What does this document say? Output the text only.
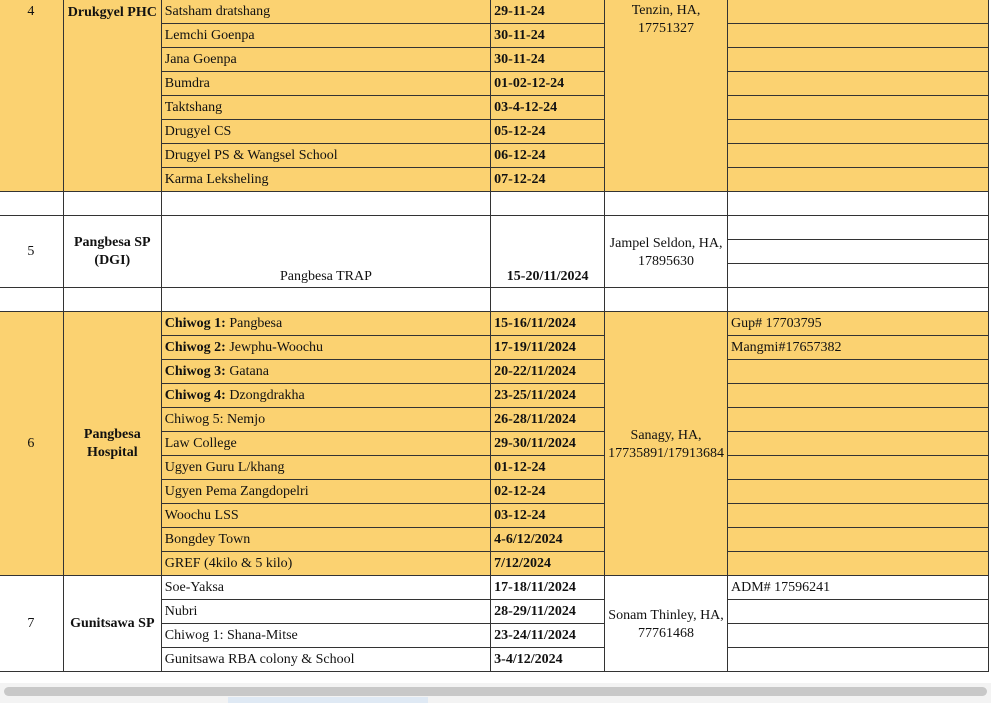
4	Drukgyel PHC	Satsham dratshang	29-11-24	Tenzin, HA, 17751327	
		Lemchi Goenpa	30-11-24		
		Jana Goenpa	30-11-24		
		Bumdra	01-02-12-24		
		Taktshang	03-4-12-24		
		Drugyel CS	05-12-24		
		Drugyel PS & Wangsel School	06-12-24		
		Karma Leksheling	07-12-24		

5	Pangbesa SP (DGI)	Pangbesa TRAP	15-20/11/2024	Jampel Seldon, HA, 17895630	

6	Pangbesa Hospital	Chiwog 1: Pangbesa	15-16/11/2024	Sanagy, HA, 17735891/17913684	Gup# 17703795
		Chiwog 2: Jewphu-Woochu	17-19/11/2024		Mangmi#17657382
		Chiwog 3: Gatana	20-22/11/2024		
		Chiwog 4: Dzongdrakha	23-25/11/2024		
		Chiwog 5: Nemjo	26-28/11/2024		
		Law College	29-30/11/2024		
		Ugyen Guru L/khang	01-12-24		
		Ugyen Pema Zangdopelri	02-12-24		
		Woochu LSS	03-12-24		
		Bongdey Town	4-6/12/2024		
		GREF (4kilo & 5 kilo)	7/12/2024		
7	Gunitsawa SP	Soe-Yaksa	17-18/11/2024	Sonam Thinley, HA, 77761468	ADM# 17596241
		Nubri	28-29/11/2024		
		Chiwog 1: Shana-Mitse	23-24/11/2024		
		Gunitsawa RBA colony & School	3-4/12/2024		
